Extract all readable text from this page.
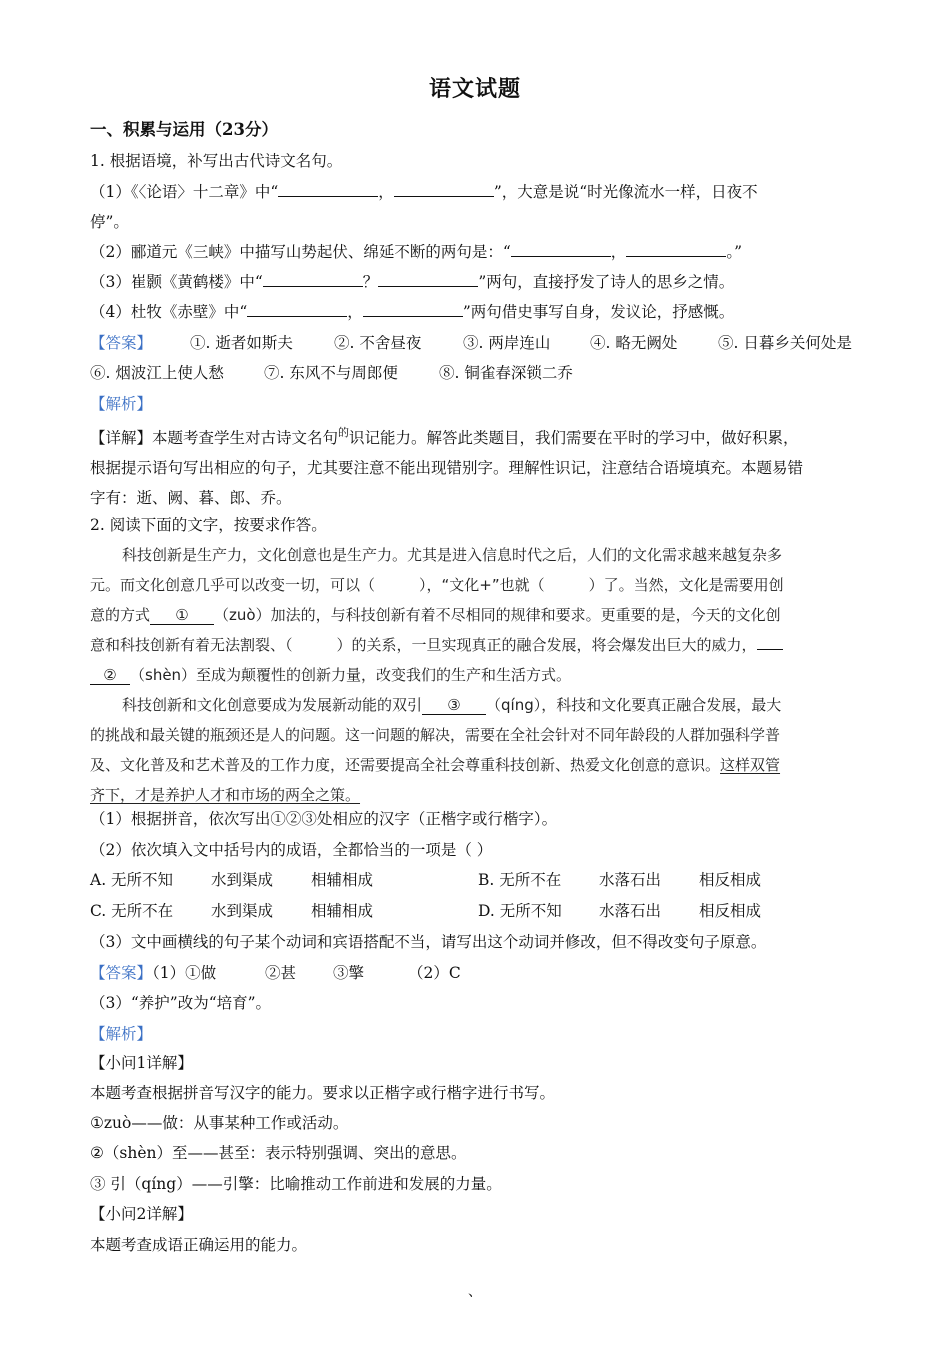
语文试题
一、积累与运用（23分）
1. 根据语境，补写出古代诗文名句。
（1）《〈论语〉十二章》中“	，	”，大意是说“时光像流水一样，日夜不
停”。
（2）郦道元《三峡》中描写山势起伏、绵延不断的两句是：“	，	。”
（3）崔颢《黄鹤楼》中“	？	”两句，直接抒发了诗人的思乡之情。
（4）杜牧《赤壁》中“	，	”两句借史事写自身，发议论，抒感慨。
【答案】 ①. 逝者如斯夫	②. 不舍昼夜	③. 两岸连山	④. 略无阙处	⑤. 日暮乡关何处是
⑥. 烟波江上使人愁	⑦. 东风不与周郎便	⑧. 铜雀春深锁二乔
【解析】
【详解】本题考查学生对古诗文名句$^的$识记能力。解答此类题目，我们需要在平时的学习中，做好积累，
根据提示语句写出相应的句子，尤其要注意不能出现错别字。理解性识记，注意结合语境填充。本题易错
字有：逝、阙、暮、郎、乔。
2. 阅读下面的文字，按要求作答。

科技创新是生产力，文化创意也是生产力。尤其是进入信息时代之后，人们的文化需求越来越复杂多

元。而文化创意几乎可以改变一切，可以（	），“文化+”也就（	）了。当然，文化是需要用创

意的方式 ① （zuò）加法的，与科技创新有着不尽相同的规律和要求。更重要的是，今天的文化创

意和科技创新有着无法割裂、（	）的关系，一旦实现真正的融合发展，将会爆发出巨大的威力，

② （shèn）至成为颠覆性的创新力量，改变我们的生产和生活方式。

科技创新和文化创意要成为发展新动能的双引 ③ （qíng），科技和文化要真正融合发展，最大

的挑战和最关键的瓶颈还是人的问题。这一问题的解决，需要在全社会针对不同年龄段的人群加强科学普

及、文化普及和艺术普及的工作力度，还需要提高全社会尊重科技创新、热爱文化创意的意识。这样双管

齐下，才是养护人才和市场的两全之策。

（1）根据拼音，依次写出①②③处相应的汉字（正楷字或行楷字）。
（2）依次填入文中括号内的成语，全都恰当的一项是（ ）
A. 无所不知 水到渠成 相辅相成	B. 无所不在 水落石出 相反相成
C. 无所不在 水到渠成 相辅相成	D. 无所不知 水落石出 相反相成
（3）文中画横线的句子某个动词和宾语搭配不当，请写出这个动词并修改，但不得改变句子原意。
【答案】（1）①做	②甚 ③擎	（2）C
（3）“养护”改为“培育”。
【解析】
【小问1详解】
本题考查根据拼音写汉字的能力。要求以正楷字或行楷字进行书写。
①zuò——做：从事某种工作或活动。
②（shèn）至——甚至：表示特别强调、突出的意思。
③ 引（qíng）——引擎：比喻推动工作前进和发展的力量。
【小问2详解】
本题考查成语正确运用的能力。
、
